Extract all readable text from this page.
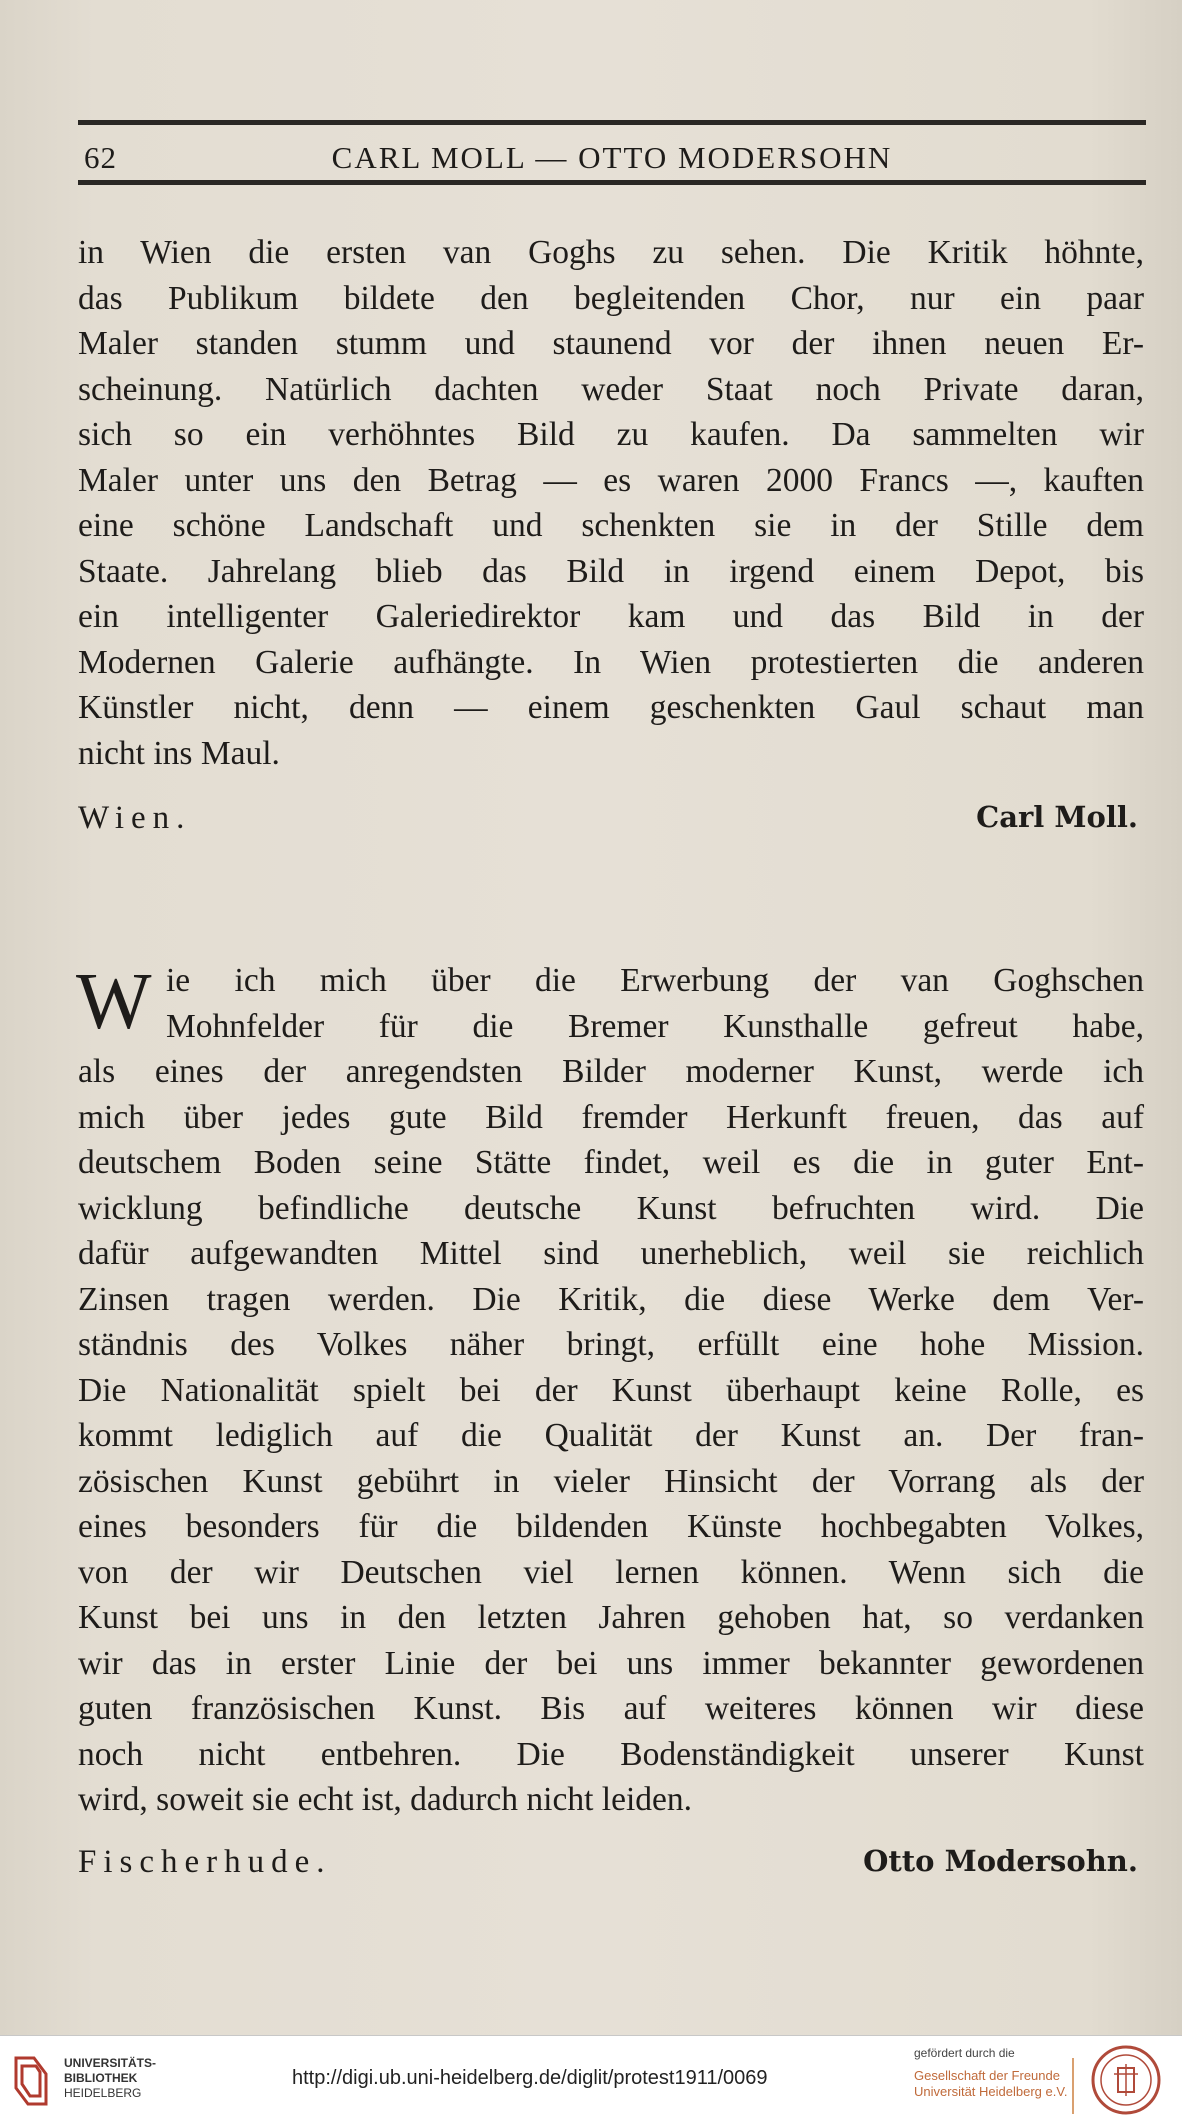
62	CARL MOLL — OTTO MODERSOHN
in Wien die ersten van Goghs zu sehen. Die Kritik höhnte,
das Publikum bildete den begleitenden Chor, nur ein paar
Maler standen stumm und staunend vor der ihnen neuen Er-
scheinung. Natürlich dachten weder Staat noch Private daran,
sich so ein verhöhntes Bild zu kaufen. Da sammelten wir
Maler unter uns den Betrag — es waren 2000 Francs —, kauften
eine schöne Landschaft und schenkten sie in der Stille dem
Staate. Jahrelang blieb das Bild in irgend einem Depot, bis
ein intelligenter Galeriedirektor kam und das Bild in der
Modernen Galerie aufhängte. In Wien protestierten die anderen
Künstler nicht, denn — einem geschenkten Gaul schaut man
nicht ins Maul.
Wien.	Carl Moll.
W ie ich mich über die Erwerbung der van Goghschen
Mohnfelder für die Bremer Kunsthalle gefreut habe,
als eines der anregendsten Bilder moderner Kunst, werde ich
mich über jedes gute Bild fremder Herkunft freuen, das auf
deutschem Boden seine Stätte findet, weil es die in guter Ent-
wicklung befindliche deutsche Kunst befruchten wird. Die
dafür aufgewandten Mittel sind unerheblich, weil sie reichlich
Zinsen tragen werden. Die Kritik, die diese Werke dem Ver-
ständnis des Volkes näher bringt, erfüllt eine hohe Mission.
Die Nationalität spielt bei der Kunst überhaupt keine Rolle, es
kommt lediglich auf die Qualität der Kunst an. Der fran-
zösischen Kunst gebührt in vieler Hinsicht der Vorrang als der
eines besonders für die bildenden Künste hochbegabten Volkes,
von der wir Deutschen viel lernen können. Wenn sich die
Kunst bei uns in den letzten Jahren gehoben hat, so verdanken
wir das in erster Linie der bei uns immer bekannter gewordenen
guten französischen Kunst. Bis auf weiteres können wir diese
noch nicht entbehren. Die Bodenständigkeit unserer Kunst
wird, soweit sie echt ist, dadurch nicht leiden.
Fischerhude.	Otto Modersohn.
UNIVERSITÄTS-
BIBLIOTHEK
HEIDELBERG
http://digi.ub.uni-heidelberg.de/diglit/protest1911/0069
gefördert durch die
Gesellschaft der Freunde
Universität Heidelberg e.V.
